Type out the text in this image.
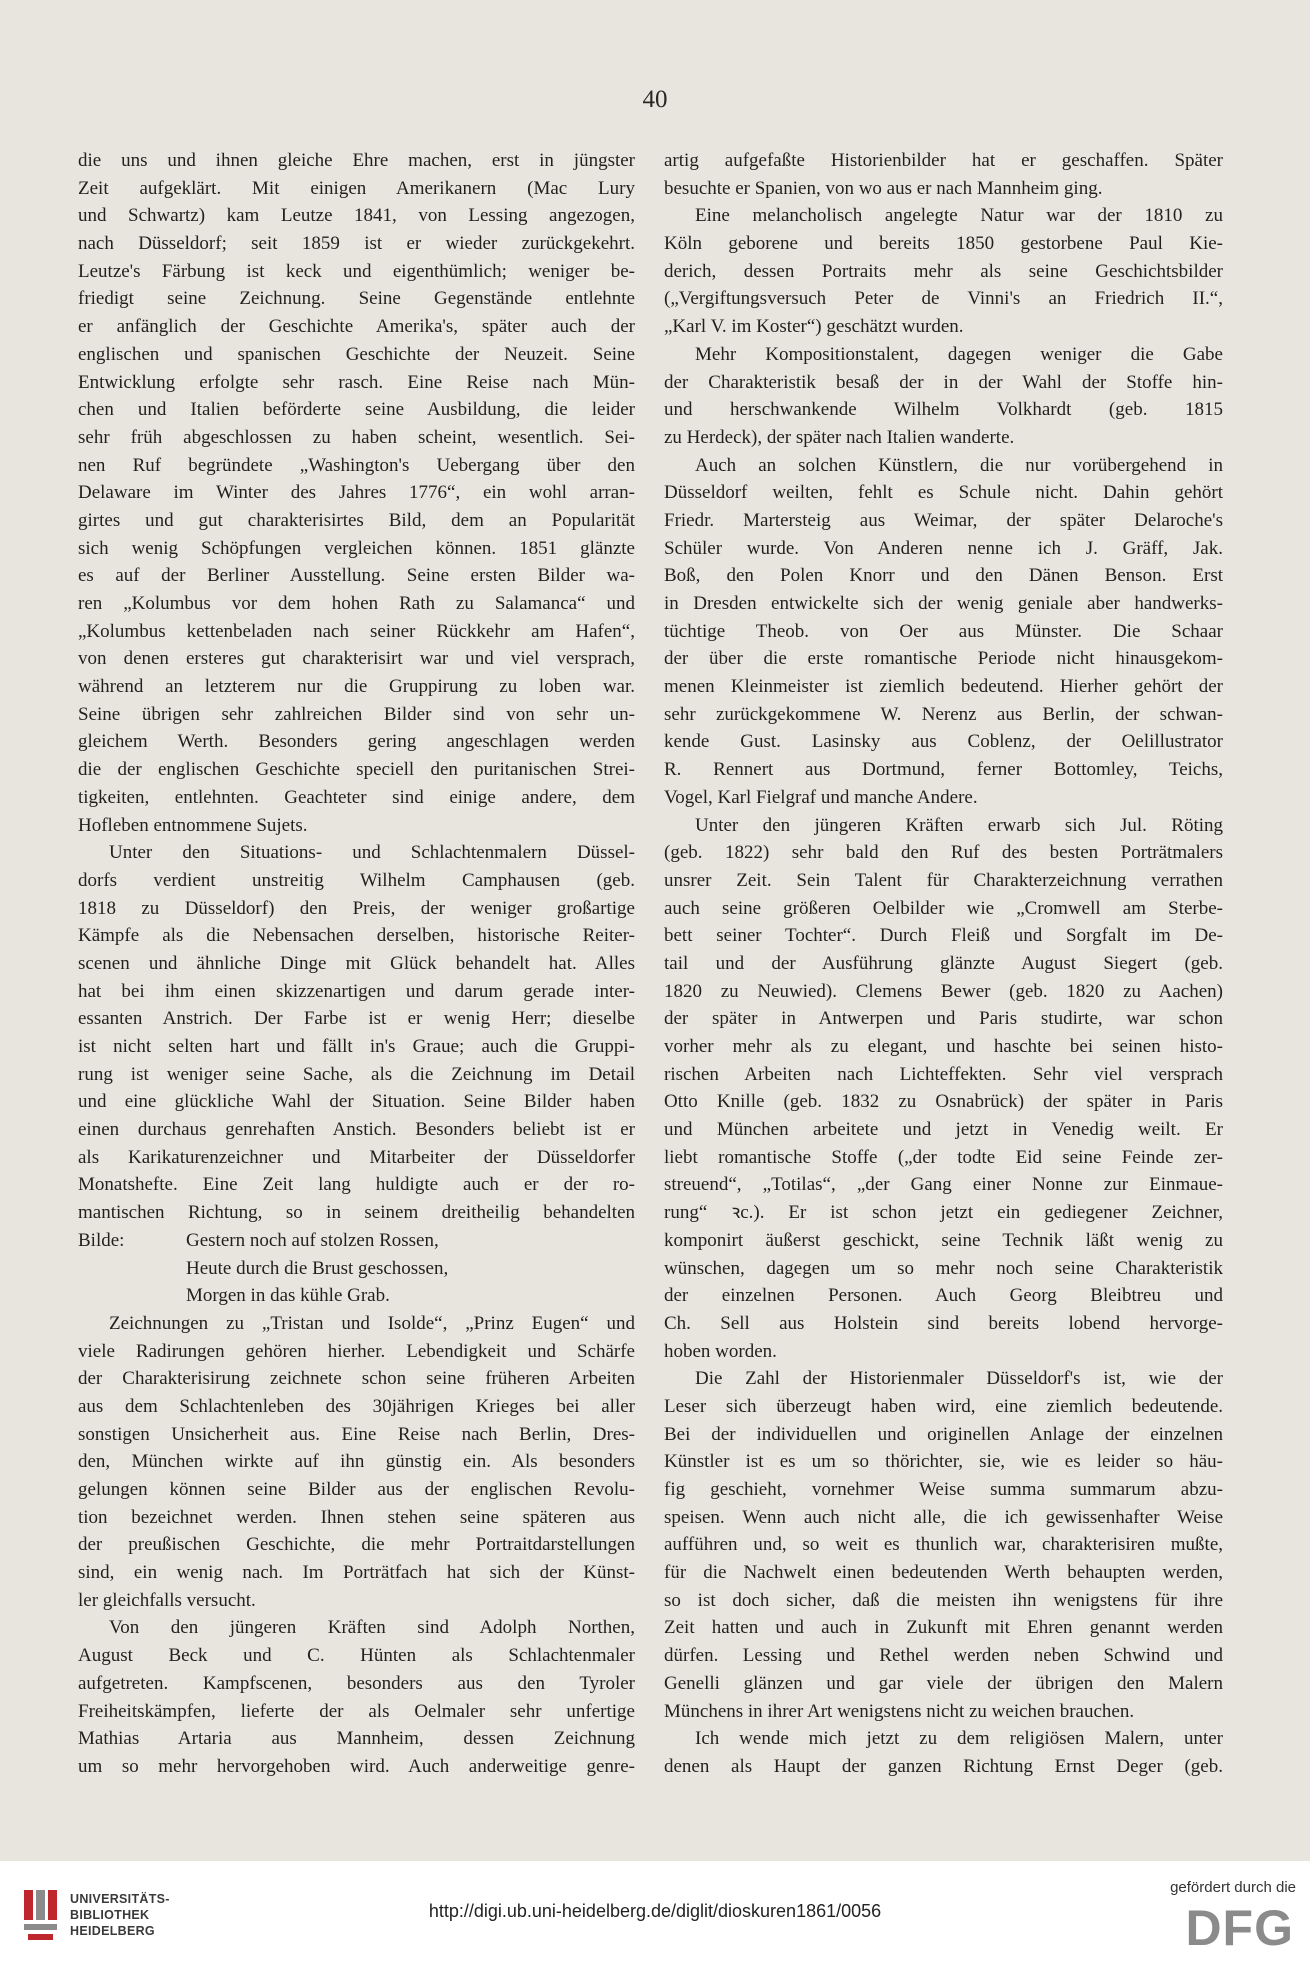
40
die uns und ihnen gleiche Ehre machen, erst in jüngster
Zeit aufgeklärt. Mit einigen Amerikanern (Mac Lury
und Schwartz) kam Leutze 1841, von Lessing angezogen,
nach Düsseldorf; seit 1859 ist er wieder zurückgekehrt.
Leutze's Färbung ist keck und eigenthümlich; weniger be-
friedigt seine Zeichnung. Seine Gegenstände entlehnte
er anfänglich der Geschichte Amerika's, später auch der
englischen und spanischen Geschichte der Neuzeit. Seine
Entwicklung erfolgte sehr rasch. Eine Reise nach Mün-
chen und Italien beförderte seine Ausbildung, die leider
sehr früh abgeschlossen zu haben scheint, wesentlich. Sei-
nen Ruf begründete „Washington's Uebergang über den
Delaware im Winter des Jahres 1776“, ein wohl arran-
girtes und gut charakterisirtes Bild, dem an Popularität
sich wenig Schöpfungen vergleichen können. 1851 glänzte
es auf der Berliner Ausstellung. Seine ersten Bilder wa-
ren „Kolumbus vor dem hohen Rath zu Salamanca“ und
„Kolumbus kettenbeladen nach seiner Rückkehr am Hafen“,
von denen ersteres gut charakterisirt war und viel versprach,
während an letzterem nur die Gruppirung zu loben war.
Seine übrigen sehr zahlreichen Bilder sind von sehr un-
gleichem Werth. Besonders gering angeschlagen werden
die der englischen Geschichte speciell den puritanischen Strei-
tigkeiten, entlehnten. Geachteter sind einige andere, dem
Hofleben entnommene Sujets.
Unter den Situations- und Schlachtenmalern Düssel-
dorfs verdient unstreitig Wilhelm Camphausen (geb.
1818 zu Düsseldorf) den Preis, der weniger großartige
Kämpfe als die Nebensachen derselben, historische Reiter-
scenen und ähnliche Dinge mit Glück behandelt hat. Alles
hat bei ihm einen skizzenartigen und darum gerade inter-
essanten Anstrich. Der Farbe ist er wenig Herr; dieselbe
ist nicht selten hart und fällt in's Graue; auch die Gruppi-
rung ist weniger seine Sache, als die Zeichnung im Detail
und eine glückliche Wahl der Situation. Seine Bilder haben
einen durchaus genrehaften Anstich. Besonders beliebt ist er
als Karikaturenzeichner und Mitarbeiter der Düsseldorfer
Monatshefte. Eine Zeit lang huldigte auch er der ro-
mantischen Richtung, so in seinem dreitheilig behandelten
Bilde:	Gestern noch auf stolzen Rossen,
Heute durch die Brust geschossen,
Morgen in das kühle Grab.
Zeichnungen zu „Tristan und Isolde“, „Prinz Eugen“ und
viele Radirungen gehören hierher. Lebendigkeit und Schärfe
der Charakterisirung zeichnete schon seine früheren Arbeiten
aus dem Schlachtenleben des 30jährigen Krieges bei aller
sonstigen Unsicherheit aus. Eine Reise nach Berlin, Dres-
den, München wirkte auf ihn günstig ein. Als besonders
gelungen können seine Bilder aus der englischen Revolu-
tion bezeichnet werden. Ihnen stehen seine späteren aus
der preußischen Geschichte, die mehr Portraitdarstellungen
sind, ein wenig nach. Im Porträtfach hat sich der Künst-
ler gleichfalls versucht.
Von den jüngeren Kräften sind Adolph Northen,
August Beck und C. Hünten als Schlachtenmaler
aufgetreten. Kampfscenen, besonders aus den Tyroler
Freiheitskämpfen, lieferte der als Oelmaler sehr unfertige
Mathias Artaria aus Mannheim, dessen Zeichnung
um so mehr hervorgehoben wird. Auch anderweitige genre-
artig aufgefaßte Historienbilder hat er geschaffen. Später
besuchte er Spanien, von wo aus er nach Mannheim ging.
Eine melancholisch angelegte Natur war der 1810 zu
Köln geborene und bereits 1850 gestorbene Paul Kie-
derich, dessen Portraits mehr als seine Geschichtsbilder
(„Vergiftungsversuch Peter de Vinni's an Friedrich II.“,
„Karl V. im Koster“) geschätzt wurden.
Mehr Kompositionstalent, dagegen weniger die Gabe
der Charakteristik besaß der in der Wahl der Stoffe hin-
und herschwankende Wilhelm Volkhardt (geb. 1815
zu Herdeck), der später nach Italien wanderte.
Auch an solchen Künstlern, die nur vorübergehend in
Düsseldorf weilten, fehlt es Schule nicht. Dahin gehört
Friedr. Martersteig aus Weimar, der später Delaroche's
Schüler wurde. Von Anderen nenne ich J. Gräff, Jak.
Boß, den Polen Knorr und den Dänen Benson. Erst
in Dresden entwickelte sich der wenig geniale aber handwerks-
tüchtige Theob. von Oer aus Münster. Die Schaar
der über die erste romantische Periode nicht hinausgekom-
menen Kleinmeister ist ziemlich bedeutend. Hierher gehört der
sehr zurückgekommene W. Nerenz aus Berlin, der schwan-
kende Gust. Lasinsky aus Coblenz, der Oelillustrator
R. Rennert aus Dortmund, ferner Bottomley, Teichs,
Vogel, Karl Fielgraf und manche Andere.
Unter den jüngeren Kräften erwarb sich Jul. Röting
(geb. 1822) sehr bald den Ruf des besten Porträtmalers
unsrer Zeit. Sein Talent für Charakterzeichnung verrathen
auch seine größeren Oelbilder wie „Cromwell am Sterbe-
bett seiner Tochter“. Durch Fleiß und Sorgfalt im De-
tail und der Ausführung glänzte August Siegert (geb.
1820 zu Neuwied). Clemens Bewer (geb. 1820 zu Aachen)
der später in Antwerpen und Paris studirte, war schon
vorher mehr als zu elegant, und haschte bei seinen histo-
rischen Arbeiten nach Lichteffekten. Sehr viel versprach
Otto Knille (geb. 1832 zu Osnabrück) der später in Paris
und München arbeitete und jetzt in Venedig weilt. Er
liebt romantische Stoffe („der todte Eid seine Feinde zer-
streuend“, „Totilas“, „der Gang einer Nonne zur Einmaue-
rung“ ꝛc.). Er ist schon jetzt ein gediegener Zeichner,
komponirt äußerst geschickt, seine Technik läßt wenig zu
wünschen, dagegen um so mehr noch seine Charakteristik
der einzelnen Personen. Auch Georg Bleibtreu und
Ch. Sell aus Holstein sind bereits lobend hervorge-
hoben worden.
Die Zahl der Historienmaler Düsseldorf's ist, wie der
Leser sich überzeugt haben wird, eine ziemlich bedeutende.
Bei der individuellen und originellen Anlage der einzelnen
Künstler ist es um so thörichter, sie, wie es leider so häu-
fig geschieht, vornehmer Weise summa summarum abzu-
speisen. Wenn auch nicht alle, die ich gewissenhafter Weise
aufführen und, so weit es thunlich war, charakterisiren mußte,
für die Nachwelt einen bedeutenden Werth behaupten werden,
so ist doch sicher, daß die meisten ihn wenigstens für ihre
Zeit hatten und auch in Zukunft mit Ehren genannt werden
dürfen. Lessing und Rethel werden neben Schwind und
Genelli glänzen und gar viele der übrigen den Malern
Münchens in ihrer Art wenigstens nicht zu weichen brauchen.
Ich wende mich jetzt zu dem religiösen Malern, unter
denen als Haupt der ganzen Richtung Ernst Deger (geb.
UNIVERSITÄTS-
BIBLIOTHEK
HEIDELBERG
http://digi.ub.uni-heidelberg.de/diglit/dioskuren1861/0056
gefördert durch die
DFG
